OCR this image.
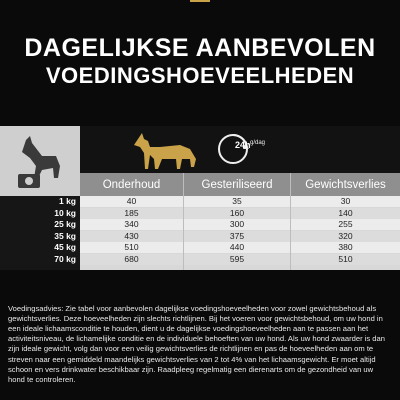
DAGELIJKSE AANBEVOLEN
VOEDINGSHOEVEELHEDEN
24h g/dag
Onderhoud	Gesteriliseerd	Gewichtsverlies
1 kg	40	35	30
10 kg	185	160	140
25 kg	340	300	255
35 kg	430	375	320
45 kg	510	440	380
70 kg	680	595	510

Voedingsadvies: Zie tabel voor aanbevolen dagelijkse voedingshoeveelheden voor zowel gewichtsbehoud als gewichtsverlies. Deze hoeveelheden zijn slechts richtlijnen. Bij het voeren voor gewichtsbehoud, om uw hond in een ideale lichaamsconditie te houden, dient u de dagelijkse voedingshoeveelheden aan te passen aan het activiteitsniveau, de lichamelijke conditie en de individuele behoeften van uw hond. Als uw hond zwaarder is dan zijn ideale gewicht, volg dan voor een veilig gewichtsverlies de richtlijnen en pas de hoeveelheden aan om te streven naar een gemiddeld maandelijks gewichtsverlies van 2 tot 4% van het lichaamsgewicht. Er moet altijd schoon en vers drinkwater beschikbaar zijn. Raadpleeg regelmatig een dierenarts om de gezondheid van uw hond te controleren.
